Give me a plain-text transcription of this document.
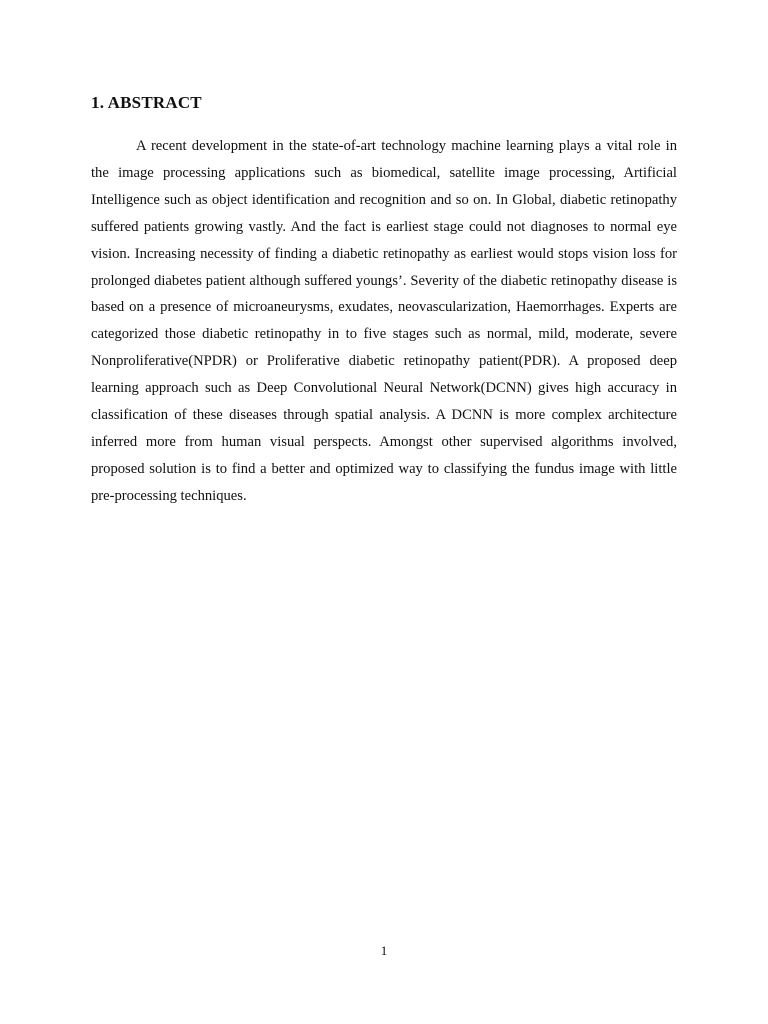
1. ABSTRACT

A recent development in the state-of-art technology machine learning plays a vital role in the image processing applications such as biomedical, satellite image processing, Artificial Intelligence such as object identification and recognition and so on. In Global, diabetic retinopathy suffered patients growing vastly. And the fact is earliest stage could not diagnoses to normal eye vision. Increasing necessity of finding a diabetic retinopathy as earliest would stops vision loss for prolonged diabetes patient although suffered youngs’. Severity of the diabetic retinopathy disease is based on a presence of microaneurysms, exudates, neovascularization, Haemorrhages. Experts are categorized those diabetic retinopathy in to five stages such as normal, mild, moderate, severe Nonproliferative(NPDR) or Proliferative diabetic retinopathy patient(PDR). A proposed deep learning approach such as Deep Convolutional Neural Network(DCNN) gives high accuracy in classification of these diseases through spatial analysis. A DCNN is more complex architecture inferred more from human visual perspects. Amongst other supervised algorithms involved, proposed solution is to find a better and optimized way to classifying the fundus image with little pre-processing techniques.

1
